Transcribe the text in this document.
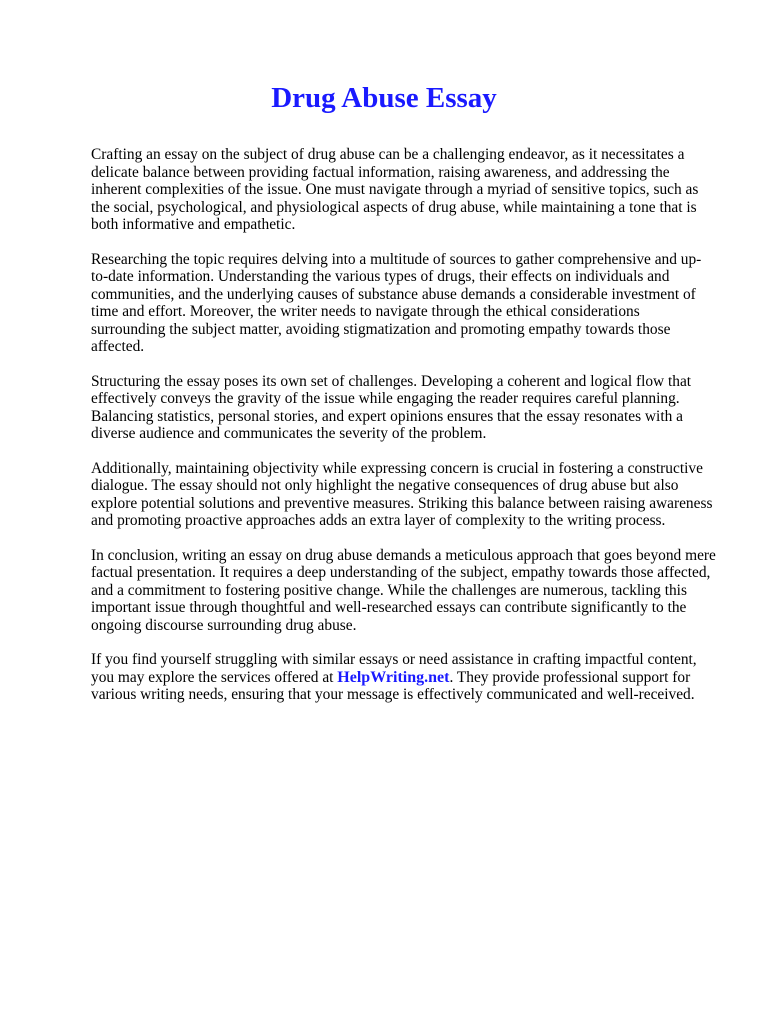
Drug Abuse Essay

Crafting an essay on the subject of drug abuse can be a challenging endeavor, as it necessitates a
delicate balance between providing factual information, raising awareness, and addressing the
inherent complexities of the issue. One must navigate through a myriad of sensitive topics, such as
the social, psychological, and physiological aspects of drug abuse, while maintaining a tone that is
both informative and empathetic.

Researching the topic requires delving into a multitude of sources to gather comprehensive and up-
to-date information. Understanding the various types of drugs, their effects on individuals and
communities, and the underlying causes of substance abuse demands a considerable investment of
time and effort. Moreover, the writer needs to navigate through the ethical considerations
surrounding the subject matter, avoiding stigmatization and promoting empathy towards those
affected.

Structuring the essay poses its own set of challenges. Developing a coherent and logical flow that
effectively conveys the gravity of the issue while engaging the reader requires careful planning.
Balancing statistics, personal stories, and expert opinions ensures that the essay resonates with a
diverse audience and communicates the severity of the problem.

Additionally, maintaining objectivity while expressing concern is crucial in fostering a constructive
dialogue. The essay should not only highlight the negative consequences of drug abuse but also
explore potential solutions and preventive measures. Striking this balance between raising awareness
and promoting proactive approaches adds an extra layer of complexity to the writing process.

In conclusion, writing an essay on drug abuse demands a meticulous approach that goes beyond mere
factual presentation. It requires a deep understanding of the subject, empathy towards those affected,
and a commitment to fostering positive change. While the challenges are numerous, tackling this
important issue through thoughtful and well-researched essays can contribute significantly to the
ongoing discourse surrounding drug abuse.

If you find yourself struggling with similar essays or need assistance in crafting impactful content,
you may explore the services offered at HelpWriting.net. They provide professional support for
various writing needs, ensuring that your message is effectively communicated and well-received.
